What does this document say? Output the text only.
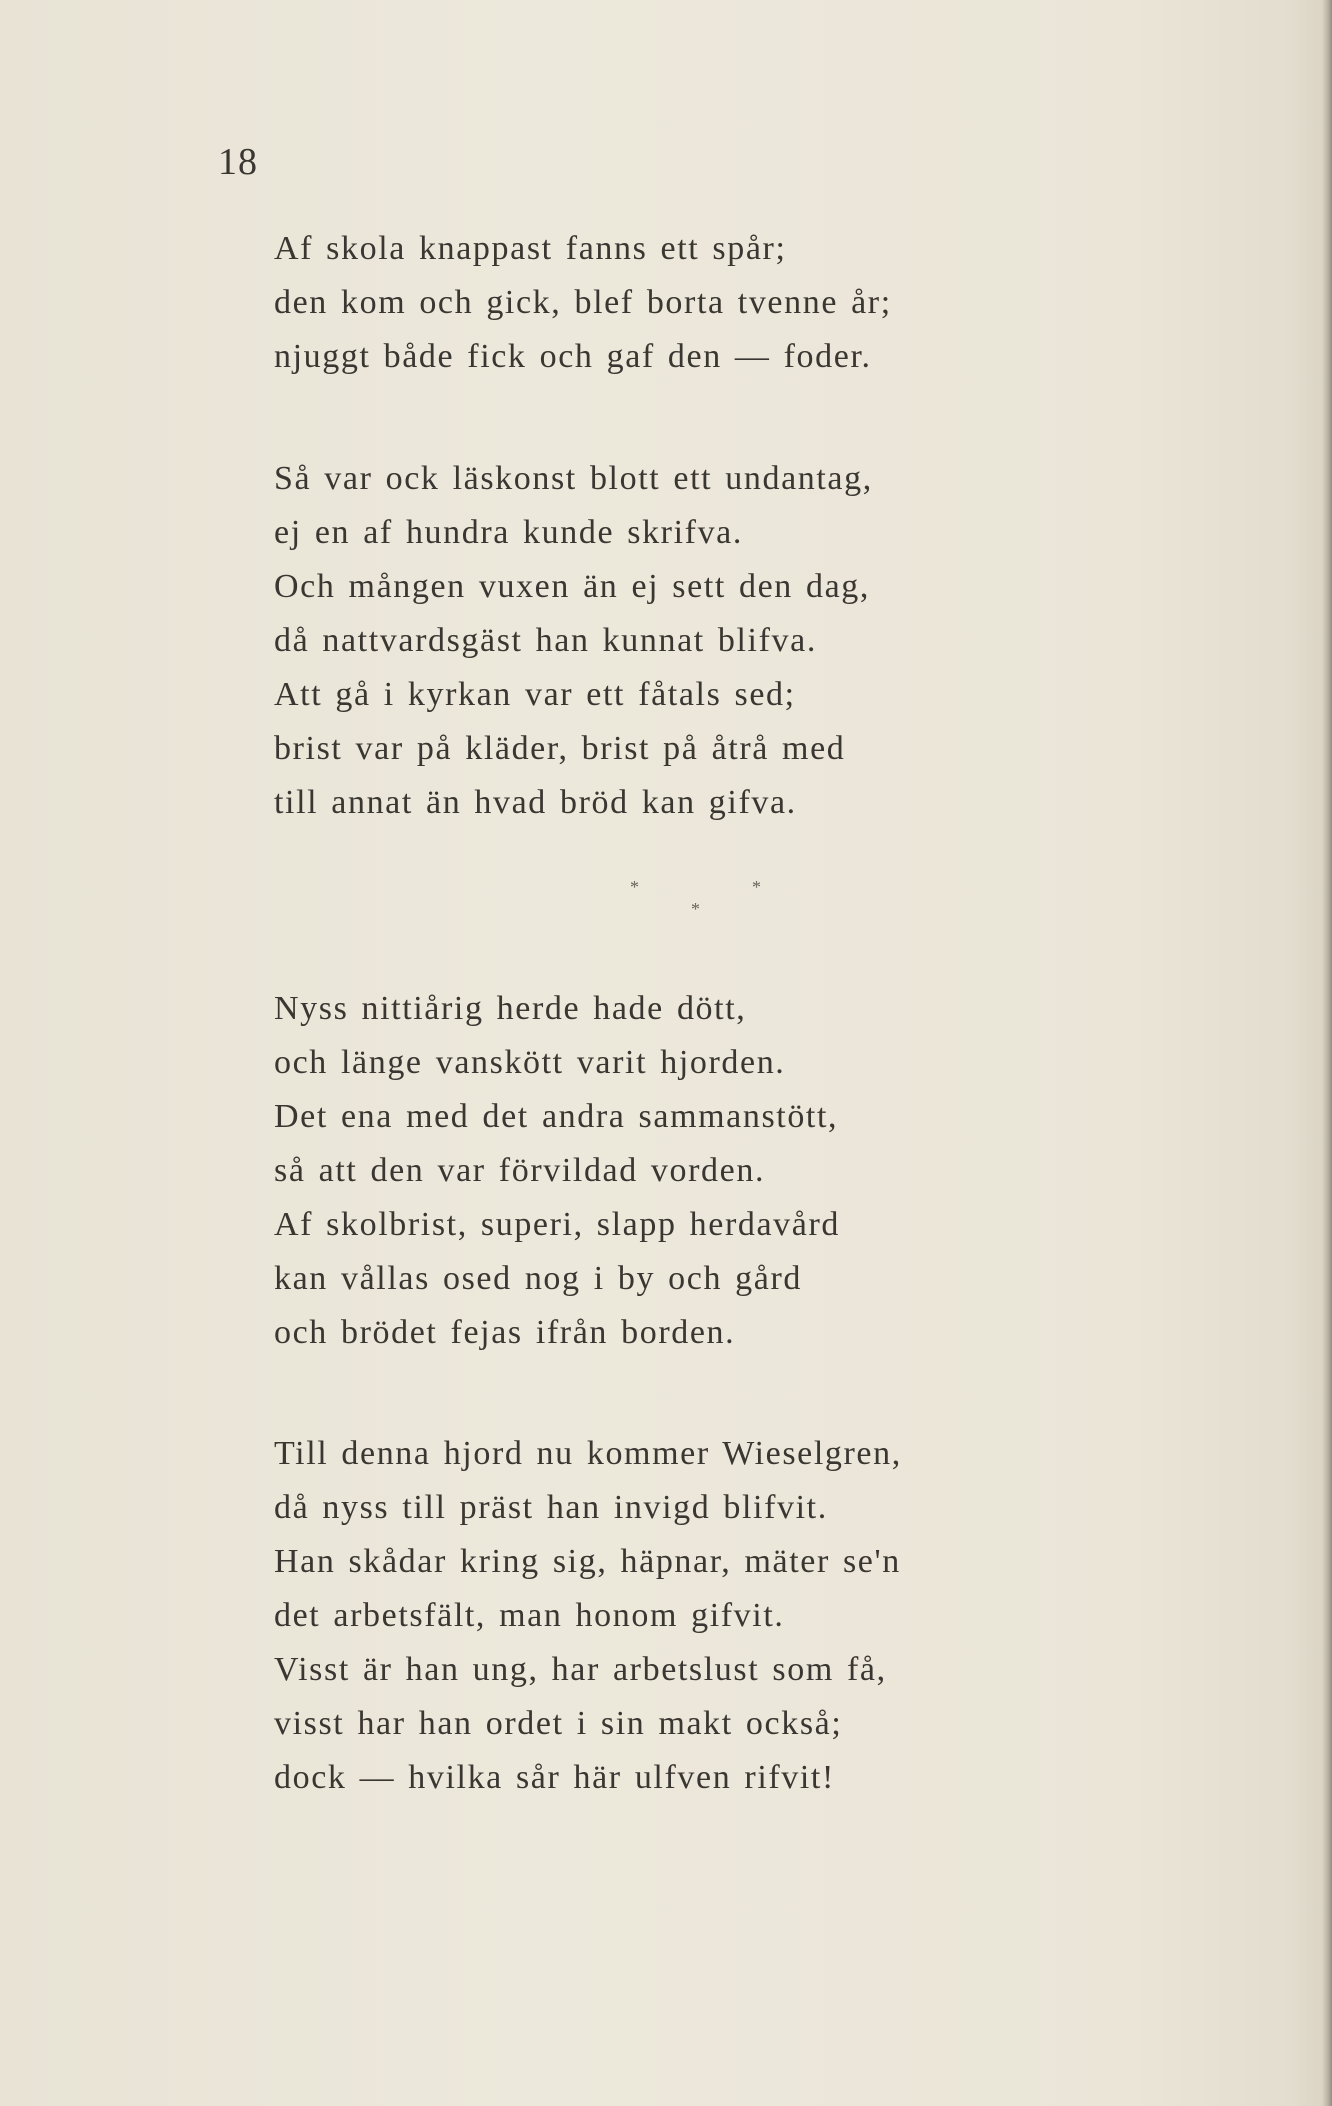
18

Af skola knappast fanns ett spår;
den kom och gick, blef borta tvenne år;
njuggt både fick och gaf den — foder.
Så var ock läskonst blott ett undantag,
ej en af hundra kunde skrifva.
Och mången vuxen än ej sett den dag,
då nattvardsgäst han kunnat blifva.
Att gå i kyrkan var ett fåtals sed;
brist var på kläder, brist på åtrå med
till annat än hvad bröd kan gifva.
*	*
*
Nyss nittiårig herde hade dött,
och länge vanskött varit hjorden.
Det ena med det andra sammanstött,
så att den var förvildad vorden.
Af skolbrist, superi, slapp herdavård
kan vållas osed nog i by och gård
och brödet fejas ifrån borden.
Till denna hjord nu kommer Wieselgren,
då nyss till präst han invigd blifvit.
Han skådar kring sig, häpnar, mäter se'n
det arbetsfält, man honom gifvit.
Visst är han ung, har arbetslust som få,
visst har han ordet i sin makt också;
dock — hvilka sår här ulfven rifvit!
